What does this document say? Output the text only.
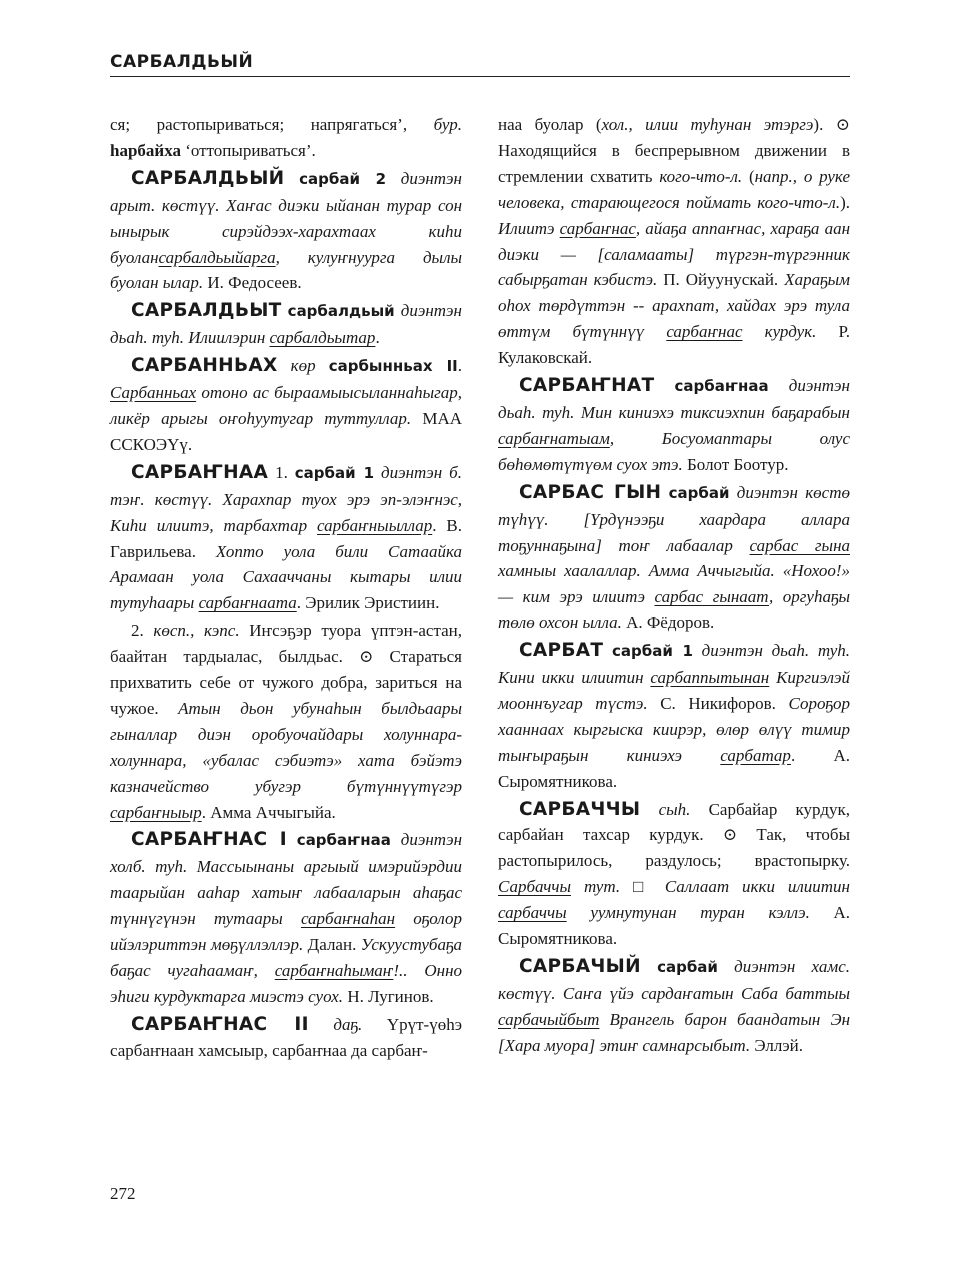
САРБАЛДЬЫЙ

ся; растопыриваться; напрягаться’, бур. һарбайха ‘оттопыриваться’.

САРБАЛДЬЫЙ сарбай 2 диэнтэн арыт. көстүү. Хаҥас диэки ыйанан турар сон ынырык сирэйдээх-харахтаах киһи буолансарбалдьыйарга, кулуҥнуурга дылы буолан ылар. И. Федосеев.

САРБАЛДЬЫТ сарбалдьый диэнтэн дьаһ. туһ. Илиилэрин сарбалдьытар.

САРБАННЬАХ көр сарбынньах II. Сарбанньах отоно ас быраамыысыланнаһыгар, ликёр арыгы оҥоһуутугар туттуллар. МАА ССКОЭҮү.

САРБАҤНАА 1. сарбай 1 диэнтэн б. тэҥ. көстүү. Харахпар туох эрэ эп-элэҥнэс, Киһи илиитэ, тарбахтар сарбаҥныыллар. В. Гаврильева. Хопто уола били Сатаайка Арамаан уола Сахааччаны кытары илии тутуһаары сарбаҥнаата. Эрилик Эристиин.

2. көсп., кэпс. Иҥсэҕэр туора үптэн-астан, баайтан тардыалас, былдьас. ⊙ Стараться прихватить себе от чужого добра, зариться на чужое. Атын дьон убунаһын былдьаары гыналлар диэн оробуочайдары холуннара-холуннара, «убалас сэбиэтэ» хата бэйэтэ казначейство убугэр бүтүннүүтүгэр сарбаҥныыр. Амма Аччыгыйа.

САРБАҤНАС I сарбаҥнаа диэнтэн холб. туһ. Массыынаны аргыый имэрийэрдии таарыйан ааһар хатыҥ лабааларын аһаҕас түннүгүнэн тутаары сарбаҥнаһан оҕолор ийэлэриттэн мөҕүллэллэр. Далан. Ускуустубаҕа баҕас чугаһаамаҥ, сарбаҥнаһымаҥ!.. Онно эһиги курдуктарга миэстэ суох. Н. Лугинов.

САРБАҤНАС II даҕ. Үрүт-үөһэ сарбаҥнаан хамсыыр, сарбаҥнаа да сарбаҥ-

наа буолар (хол., илии туһунан этэргэ). ⊙ Находящийся в беспрерывном движении в стремлении схватить кого-что-л. (напр., о руке человека, старающегося поймать кого-что-л.). Илиитэ сарбаҥнас, айаҕа аппаҥнас, хараҕа аан диэки — [саламааты] түргэн-түргэнник сабырҕатан кэбистэ. П. Ойуунускай. Хараҕым оһох төрдүттэн -- арахпат, хайдах эрэ тула өттүм бүтүннүү сарбаҥнас курдук. Р. Кулаковскай.

САРБАҤНАТ сарбаҥнаа диэнтэн дьаһ. туһ. Мин киниэхэ тиксиэхпин баҕарабын сарбаҥнатыам, Босуомаптары олус бөһөмөтүтүөм суох этэ. Болот Боотур.

САРБАС ГЫН сарбай диэнтэн көстө түһүү. [Үрдүнээҕи хаардара аллара тоҕуннаҕына] тоҥ лабаалар сарбас гына хамныы хаалаллар. Амма Аччыгыйа. «Нохоо!» — ким эрэ илиитэ сарбас гынаат, оргуһаҕы төлө охсон ылла. А. Фёдоров.

САРБАТ сарбай 1 диэнтэн дьаһ. туһ. Кини икки илиитин сарбаппытынан Киргиэлэй мооннъугар түстэ. С. Никифоров. Сороҕор хааннаах кыргыска киирэр, өлөр өлүү тимир тыҥыраҕын киниэхэ сарбатар. А. Сыромятникова.

САРБАЧЧЫ сыһ. Сарбайар курдук, сарбайан тахсар курдук. ⊙ Так, чтобы растопырилось, раздулось; врастопырку. Сарбаччы тут. □ Саллаат икки илиитин сарбаччы уумнутунан туран кэллэ. А. Сыромятникова.

САРБАЧЫЙ сарбай диэнтэн хамс. көстүү. Саҥа үйэ сардаҥатын Саба баттыы сарбачыйбыт Врангель барон баандатын Эн [Хара муора] этиҥ самнарсыбыт. Эллэй.

272
